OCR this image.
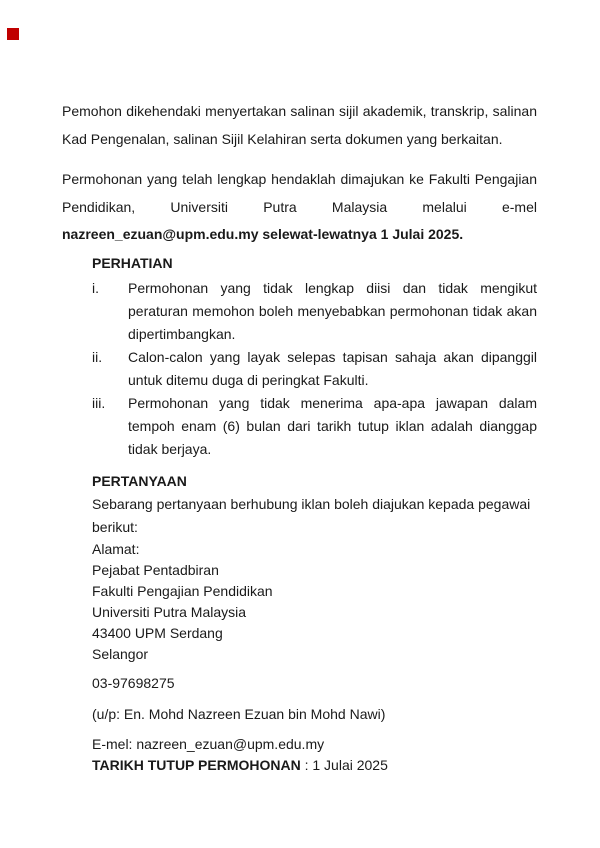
Pemohon dikehendaki menyertakan salinan sijil akademik, transkrip, salinan Kad Pengenalan, salinan Sijil Kelahiran serta dokumen yang berkaitan.

Permohonan yang telah lengkap hendaklah dimajukan ke Fakulti Pengajian Pendidikan, Universiti Putra Malaysia melalui e-mel nazreen_ezuan@upm.edu.my selewat-lewatnya 1 Julai 2025.

PERHATIAN
i.	Permohonan yang tidak lengkap diisi dan tidak mengikut peraturan memohon boleh menyebabkan permohonan tidak akan dipertimbangkan.
ii.	Calon-calon yang layak selepas tapisan sahaja akan dipanggil untuk ditemu duga di peringkat Fakulti.
iii.	Permohonan yang tidak menerima apa-apa jawapan dalam tempoh enam (6) bulan dari tarikh tutup iklan adalah dianggap tidak berjaya.
PERTANYAAN
Sebarang pertanyaan berhubung iklan boleh diajukan kepada pegawai berikut:
Alamat:
Pejabat Pentadbiran
Fakulti Pengajian Pendidikan
Universiti Putra Malaysia
43400 UPM Serdang
Selangor
03-97698275
(u/p: En. Mohd Nazreen Ezuan bin Mohd Nawi)
E-mel: nazreen_ezuan@upm.edu.my
TARIKH TUTUP PERMOHONAN : 1 Julai 2025
